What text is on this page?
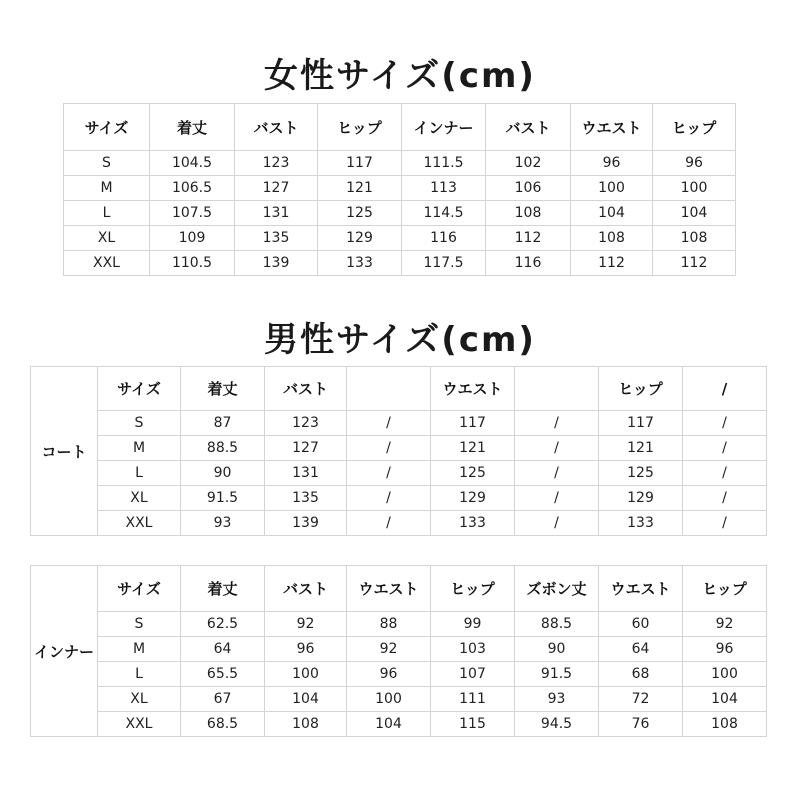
女性サイズ(cm)
サイズ	着丈	バスト	ヒップ	インナー	バスト	ウエスト	ヒップ
S	104.5	123	117	111.5	102	96	96
M	106.5	127	121	113	106	100	100
L	107.5	131	125	114.5	108	104	104
XL	109	135	129	116	112	108	108
XXL	110.5	139	133	117.5	116	112	112
男性サイズ(cm)
コート	サイズ	着丈	バスト		ウエスト		ヒップ	/
	S	87	123	/	117	/	117	/
	M	88.5	127	/	121	/	121	/
	L	90	131	/	125	/	125	/
	XL	91.5	135	/	129	/	129	/
	XXL	93	139	/	133	/	133	/
インナー	サイズ	着丈	バスト	ウエスト	ヒップ	ズボン丈	ウエスト	ヒップ
	S	62.5	92	88	99	88.5	60	92
	M	64	96	92	103	90	64	96
	L	65.5	100	96	107	91.5	68	100
	XL	67	104	100	111	93	72	104
	XXL	68.5	108	104	115	94.5	76	108
